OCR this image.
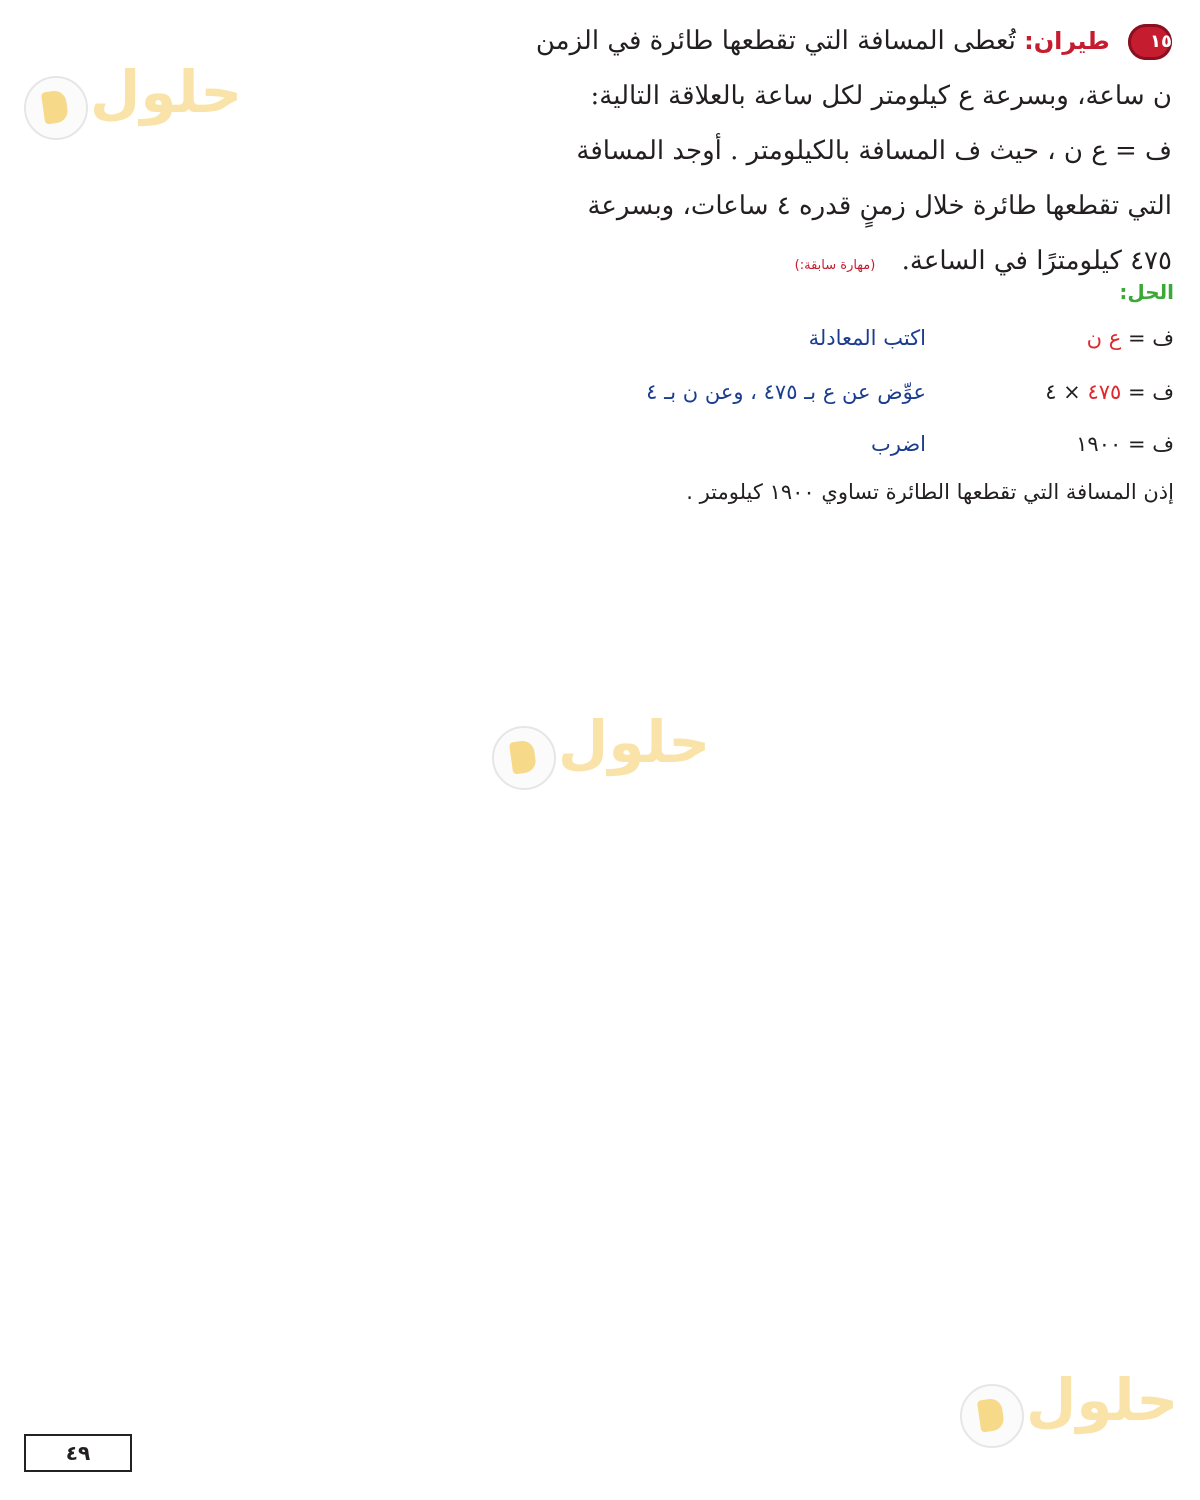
حلول
حلول
حلول
١٥ طيران: تُعطى المسافة التي تقطعها طائرة في الزمن
ن ساعة، وبسرعة ع كيلومتر لكل ساعة بالعلاقة التالية:
ف = ع ن ، حيث ف المسافة بالكيلومتر . أوجد المسافة
التي تقطعها طائرة خلال زمنٍ قدره ٤ ساعات، وبسرعة
٤٧٥ كيلومترًا في الساعة. (مهارة سابقة:)
الحل:
ف = ع ن
اكتب المعادلة
ف = ٤٧٥ × ٤
عوِّض عن ع بـ ٤٧٥ ، وعن ن بـ ٤
ف = ١٩٠٠
اضرب
إذن المسافة التي تقطعها الطائرة تساوي ١٩٠٠ كيلومتر .
٤٩
